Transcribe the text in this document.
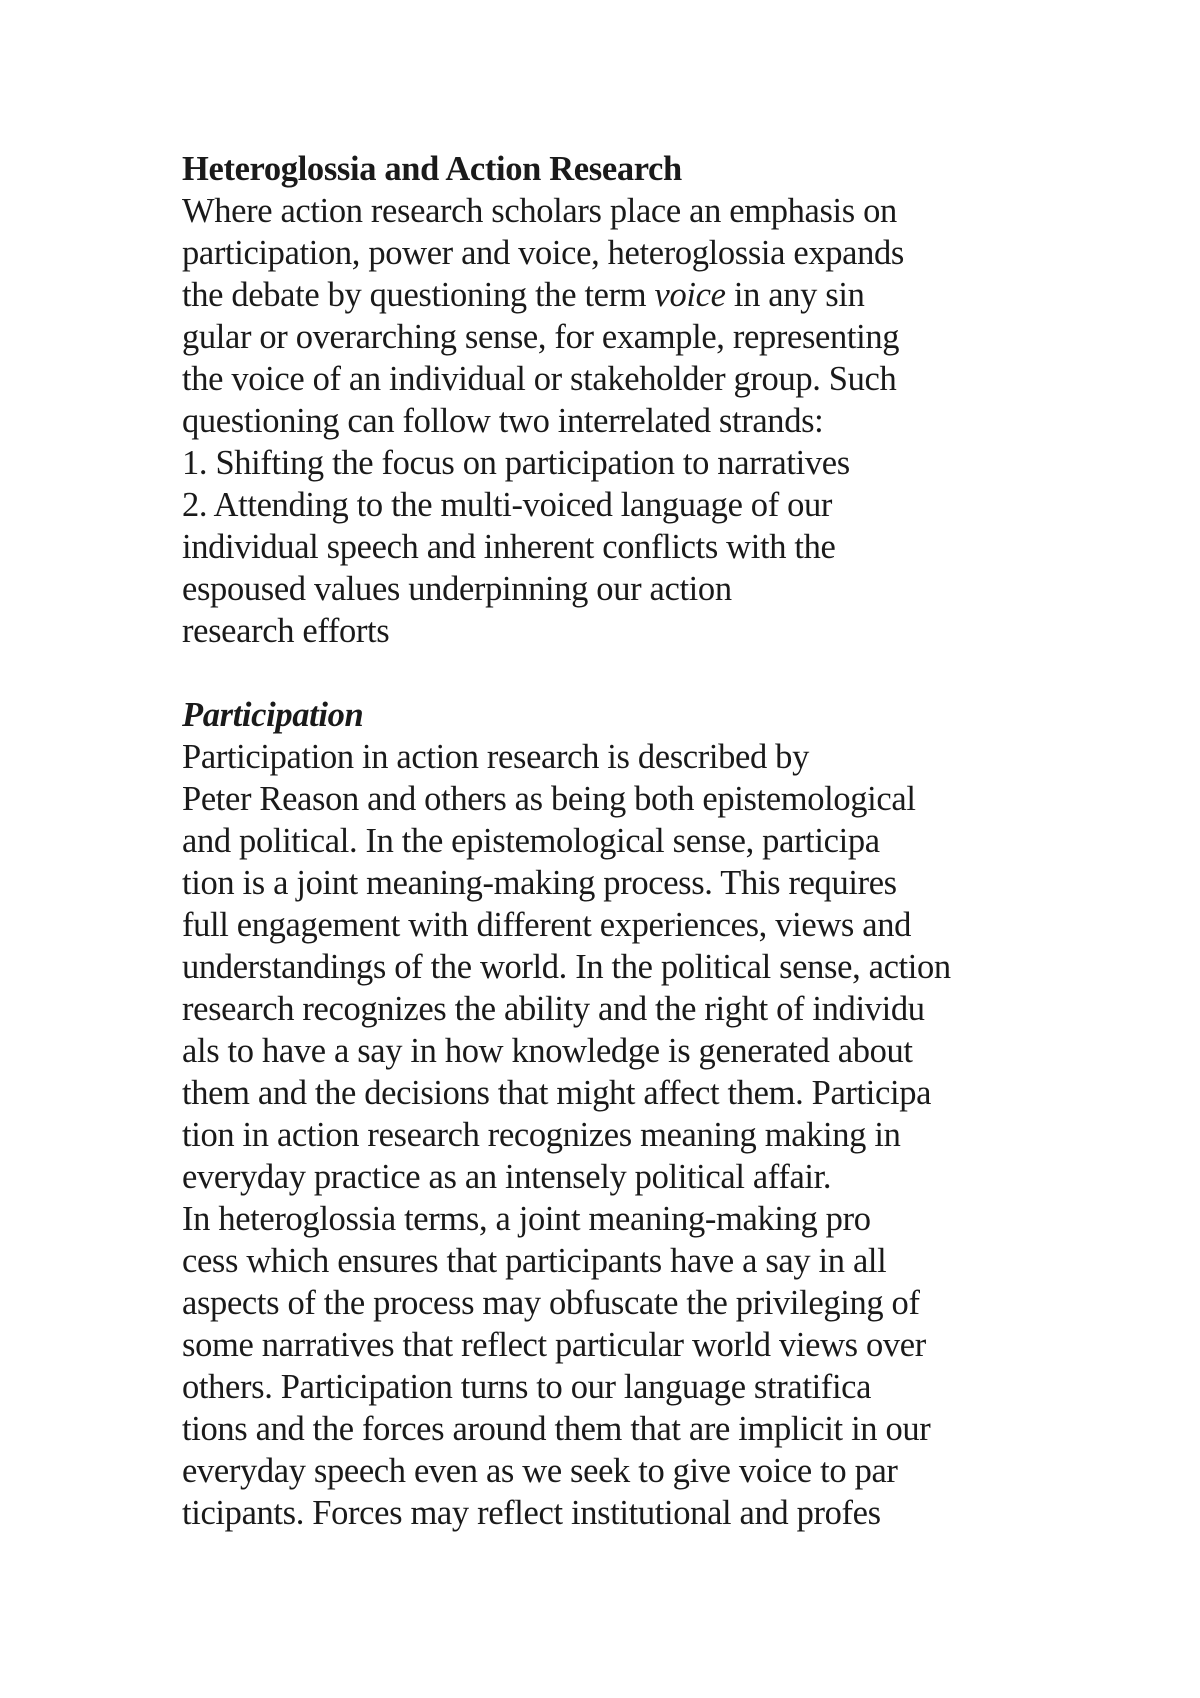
Heteroglossia and Action Research
Where action research scholars place an emphasis on
participation, power and voice, heteroglossia expands
the debate by questioning the term voice in any sin
gular or overarching sense, for example, representing
the voice of an individual or stakeholder group. Such
questioning can follow two interrelated strands:
1. Shifting the focus on participation to narratives
2. Attending to the multi-voiced language of our
individual speech and inherent conflicts with the
espoused values underpinning our action
research efforts
Participation
Participation in action research is described by
Peter Reason and others as being both epistemological
and political. In the epistemological sense, participa
tion is a joint meaning-making process. This requires
full engagement with different experiences, views and
understandings of the world. In the political sense, action
research recognizes the ability and the right of individu
als to have a say in how knowledge is generated about
them and the decisions that might affect them. Participa
tion in action research recognizes meaning making in
everyday practice as an intensely political affair.
In heteroglossia terms, a joint meaning-making pro
cess which ensures that participants have a say in all
aspects of the process may obfuscate the privileging of
some narratives that reflect particular world views over
others. Participation turns to our language stratifica
tions and the forces around them that are implicit in our
everyday speech even as we seek to give voice to par
ticipants. Forces may reflect institutional and profes
